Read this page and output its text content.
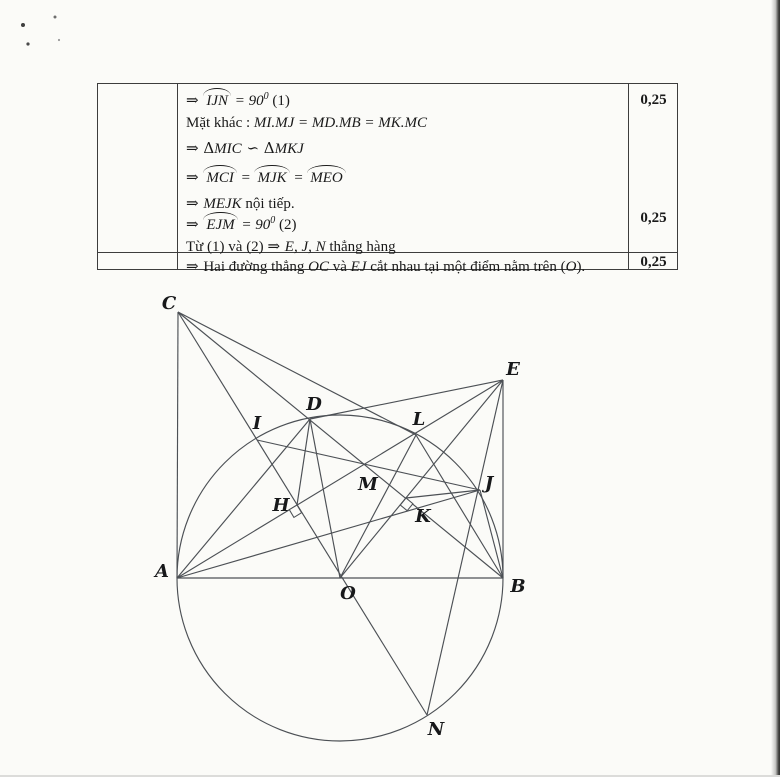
C
E
D
I	L
M	J
H
K
A
B
O
N
⇒ IJN = $90^0$ (1)
Mặt khác : MI.MJ = MD.MB = MK.MC
⇒ ΔMIC ∽ ΔMKJ
⇒ MCI = MJK = MEO
⇒ MEJK nội tiếp.
⇒ EJM = $90^0$ (2)
Từ (1) và (2) ⇒ E, J, N thẳng hàng
⇒ Hai đường thẳng OC và EJ cắt nhau tại một điểm nằm trên (O).
0,25
0,25
0,25
